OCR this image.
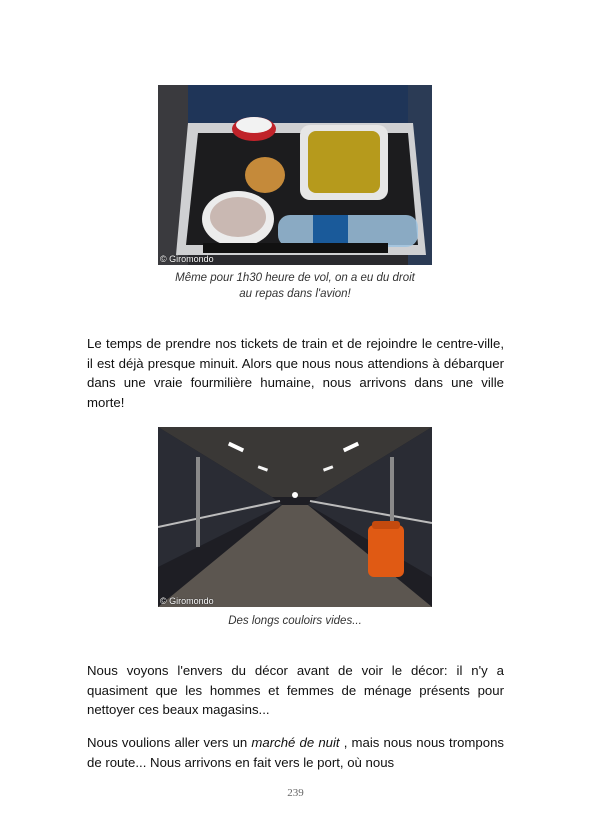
© Giromondo
Même pour 1h30 heure de vol, on a eu du droit
au repas dans l'avion!
Le temps de prendre nos tickets de train et de rejoindre le centre-ville, il est déjà presque minuit. Alors que nous nous attendions à débarquer dans une vraie fourmilière humaine, nous arrivons dans une ville morte!
© Giromondo
Des longs couloirs vides...
Nous voyons l'envers du décor avant de voir le décor: il n'y a quasiment que les hommes et femmes de ménage présents pour nettoyer ces beaux magasins...
Nous voulions aller vers un marché de nuit , mais nous nous trompons de route... Nous arrivons en fait vers le port, où nous
239
